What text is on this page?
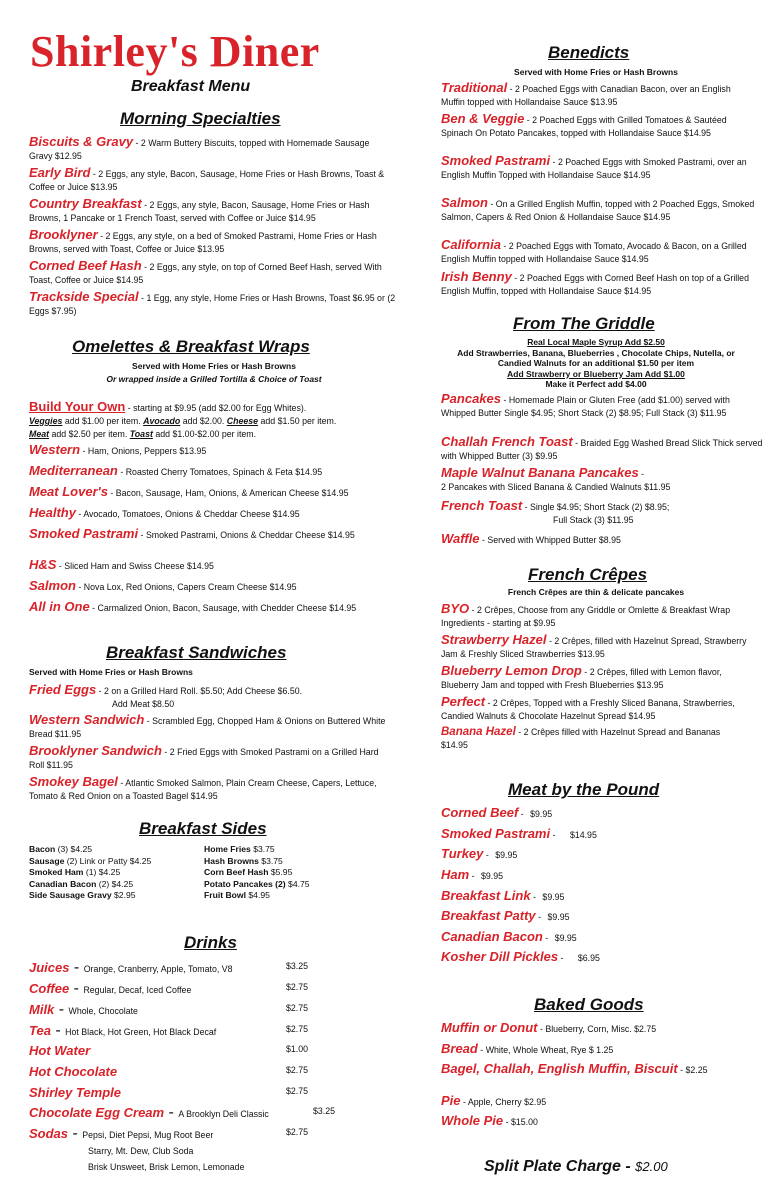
Shirley's Diner
Breakfast Menu
Morning Specialties
Biscuits & Gravy - 2 Warm Buttery Biscuits, topped with Homemade Sausage Gravy $12.95
Early Bird - 2 Eggs, any style, Bacon, Sausage, Home Fries or Hash Browns, Toast & Coffee or Juice $13.95
Country Breakfast - 2 Eggs, any style, Bacon, Sausage, Home Fries or Hash Browns, 1 Pancake or 1 French Toast, served with Coffee or Juice $14.95
Brooklyner - 2 Eggs, any style, on a bed of Smoked Pastrami, Home Fries or Hash Browns, served with Toast, Coffee or Juice $13.95
Corned Beef Hash - 2 Eggs, any style, on top of Corned Beef Hash, served With Toast, Coffee or Juice $14.95
Trackside Special - 1 Egg, any style, Home Fries or Hash Browns, Toast $6.95 or (2 Eggs $7.95)
Omelettes & Breakfast Wraps
Served with Home Fries or Hash Browns
Or wrapped inside a Grilled Tortilla & Choice of Toast
Build Your Own - starting at $9.95 (add $2.00 for Egg Whites).
Veggies add $1.00 per item. Avocado add $2.00. Cheese add $1.50 per item.
Meat add $2.50 per item. Toast add $1.00-$2.00 per item.
Western - Ham, Onions, Peppers $13.95
Mediterranean - Roasted Cherry Tomatoes, Spinach & Feta $14.95
Meat Lover's - Bacon, Sausage, Ham, Onions, & American Cheese $14.95
Healthy - Avocado, Tomatoes, Onions & Cheddar Cheese $14.95
Smoked Pastrami - Smoked Pastrami, Onions & Cheddar Cheese $14.95
H&S - Sliced Ham and Swiss Cheese $14.95
Salmon - Nova Lox, Red Onions, Capers Cream Cheese $14.95
All in One - Carmalized Onion, Bacon, Sausage, with Chedder Cheese $14.95
Breakfast Sandwiches
Served with Home Fries or Hash Browns
Fried Eggs - 2 on a Grilled Hard Roll. $5.50; Add Cheese $6.50.
Add Meat $8.50
Western Sandwich - Scrambled Egg, Chopped Ham & Onions on Buttered White Bread $11.95
Brooklyner Sandwich - 2 Fried Eggs with Smoked Pastrami on a Grilled Hard Roll $11.95
Smokey Bagel - Atlantic Smoked Salmon, Plain Cream Cheese, Capers, Lettuce, Tomato & Red Onion on a Toasted Bagel $14.95
Breakfast Sides
Bacon (3) $4.25
Sausage (2) Link or Patty $4.25
Smoked Ham (1) $4.25
Canadian Bacon (2) $4.25
Side Sausage Gravy $2.95
Home Fries $3.75
Hash Browns $3.75
Corn Beef Hash $5.95
Potato Pancakes (2) $4.75
Fruit Bowl $4.95
Drinks
Juices - Orange, Cranberry, Apple, Tomato, V8	$3.25
Coffee - Regular, Decaf, Iced Coffee	$2.75
Milk - Whole, Chocolate	$2.75
Tea - Hot Black, Hot Green, Hot Black Decaf	$2.75
Hot Water	$1.00
Hot Chocolate	$2.75
Shirley Temple	$2.75
Chocolate Egg Cream - A Brooklyn Deli Classic	$3.25
Sodas - Pepsi, Diet Pepsi, Mug Root Beer	$2.75
Starry, Mt. Dew, Club Soda
Brisk Unsweet, Brisk Lemon, Lemonade
Benedicts
Served with Home Fries or Hash Browns
Traditional - 2 Poached Eggs with Canadian Bacon, over an English Muffin topped with Hollandaise Sauce $13.95
Ben & Veggie - 2 Poached Eggs with Grilled Tomatoes & Sautéed Spinach On Potato Pancakes, topped with Hollandaise Sauce $14.95
Smoked Pastrami - 2 Poached Eggs with Smoked Pastrami, over an English Muffin Topped with Hollandaise Sauce $14.95
Salmon - On a Grilled English Muffin, topped with 2 Poached Eggs, Smoked Salmon, Capers & Red Onion & Hollandaise Sauce $14.95
California - 2 Poached Eggs with Tomato, Avocado & Bacon, on a Grilled English Muffin topped with Hollandaise Sauce $14.95
Irish Benny - 2 Poached Eggs with Corned Beef Hash on top of a Grilled English Muffin, topped with Hollandaise Sauce $14.95
From The Griddle
Real Local Maple Syrup Add $2.50
Add Strawberries, Banana, Blueberries , Chocolate Chips, Nutella, or
Candied Walnuts for an additional $1.50 per item
Add Strawberry or Blueberry Jam Add $1.00
Make it Perfect add $4.00
Pancakes - Homemade Plain or Gluten Free (add $1.00) served with Whipped Butter Single $4.95; Short Stack (2) $8.95; Full Stack (3) $11.95
Challah French Toast - Braided Egg Washed Bread Slick Thick served with Whipped Butter (3) $9.95
Maple Walnut Banana Pancakes -
2 Pancakes with Sliced Banana & Candied Walnuts $11.95
French Toast - Single $4.95; Short Stack (2) $8.95;
Full Stack (3) $11.95
Waffle - Served with Whipped Butter $8.95
French Crêpes
French Crêpes are thin & delicate pancakes
BYO - 2 Crêpes, Choose from any Griddle or Omlette & Breakfast Wrap Ingredients - starting at $9.95
Strawberry Hazel - 2 Crêpes, filled with Hazelnut Spread, Strawberry Jam & Freshly Sliced Strawberries $13.95
Blueberry Lemon Drop - 2 Crêpes, filled with Lemon flavor, Blueberry Jam and topped with Fresh Blueberries $13.95
Perfect - 2 Crêpes, Topped with a Freshly Sliced Banana, Strawberries, Candied Walnuts & Chocolate Hazelnut Spread $14.95
Banana Hazel - 2 Crêpes filled with Hazelnut Spread and Bananas $14.95
Meat by the Pound
Corned Beef - $9.95
Smoked Pastrami - $14.95
Turkey - $9.95
Ham - $9.95
Breakfast Link - $9.95
Breakfast Patty - $9.95
Canadian Bacon - $9.95
Kosher Dill Pickles - $6.95
Baked Goods
Muffin or Donut - Blueberry, Corn, Misc. $2.75
Bread - White, Whole Wheat, Rye $ 1.25
Bagel, Challah, English Muffin, Biscuit - $2.25
Pie - Apple, Cherry $2.95
Whole Pie - $15.00
Split Plate Charge - $2.00
